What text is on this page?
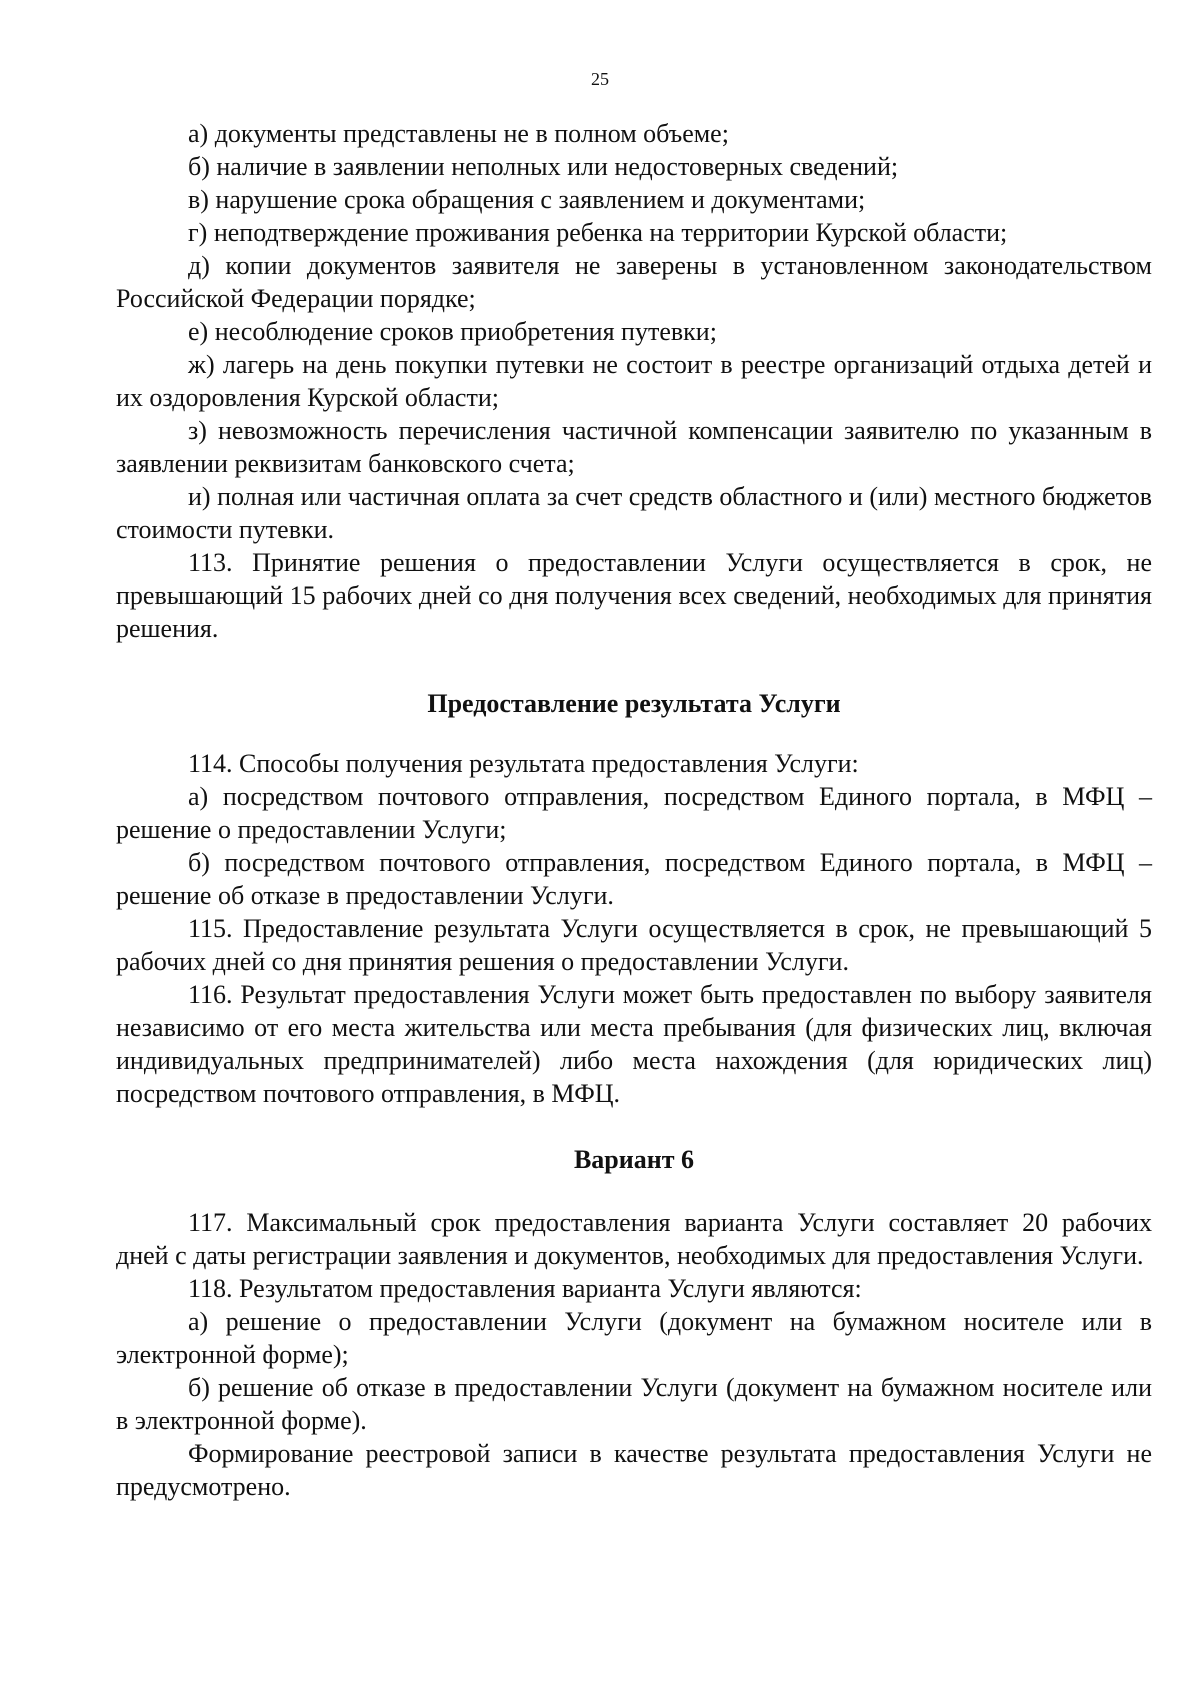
25

а) документы представлены не в полном объеме;

б) наличие в заявлении неполных или недостоверных сведений;

в) нарушение срока обращения с заявлением и документами;

г) неподтверждение проживания ребенка на территории Курской области;

д) копии документов заявителя не заверены в установленном законодательством Российской Федерации порядке;

е) несоблюдение сроков приобретения путевки;

ж) лагерь на день покупки путевки не состоит в реестре организаций отдыха детей и их оздоровления Курской области;

з) невозможность перечисления частичной компенсации заявителю по указанным в заявлении реквизитам банковского счета;

и) полная или частичная оплата за счет средств областного и (или) местного бюджетов стоимости путевки.

113. Принятие решения о предоставлении Услуги осуществляется в срок, не превышающий 15 рабочих дней со дня получения всех сведений, необходимых для принятия решения.

Предоставление результата Услуги

114. Способы получения результата предоставления Услуги:

а) посредством почтового отправления, посредством Единого портала, в МФЦ – решение о предоставлении Услуги;

б) посредством почтового отправления, посредством Единого портала, в МФЦ – решение об отказе в предоставлении Услуги.

115. Предоставление результата Услуги осуществляется в срок, не превышающий 5 рабочих дней со дня принятия решения о предоставлении Услуги.

116. Результат предоставления Услуги может быть предоставлен по выбору заявителя независимо от его места жительства или места пребывания (для физических лиц, включая индивидуальных предпринимателей) либо места нахождения (для юридических лиц) посредством почтового отправления, в МФЦ.

Вариант 6

117. Максимальный срок предоставления варианта Услуги составляет 20 рабочих дней с даты регистрации заявления и документов, необходимых для предоставления Услуги.

118. Результатом предоставления варианта Услуги являются:

а) решение о предоставлении Услуги (документ на бумажном носителе или в электронной форме);

б) решение об отказе в предоставлении Услуги (документ на бумажном носителе или в электронной форме).

Формирование реестровой записи в качестве результата предоставления Услуги не предусмотрено.
